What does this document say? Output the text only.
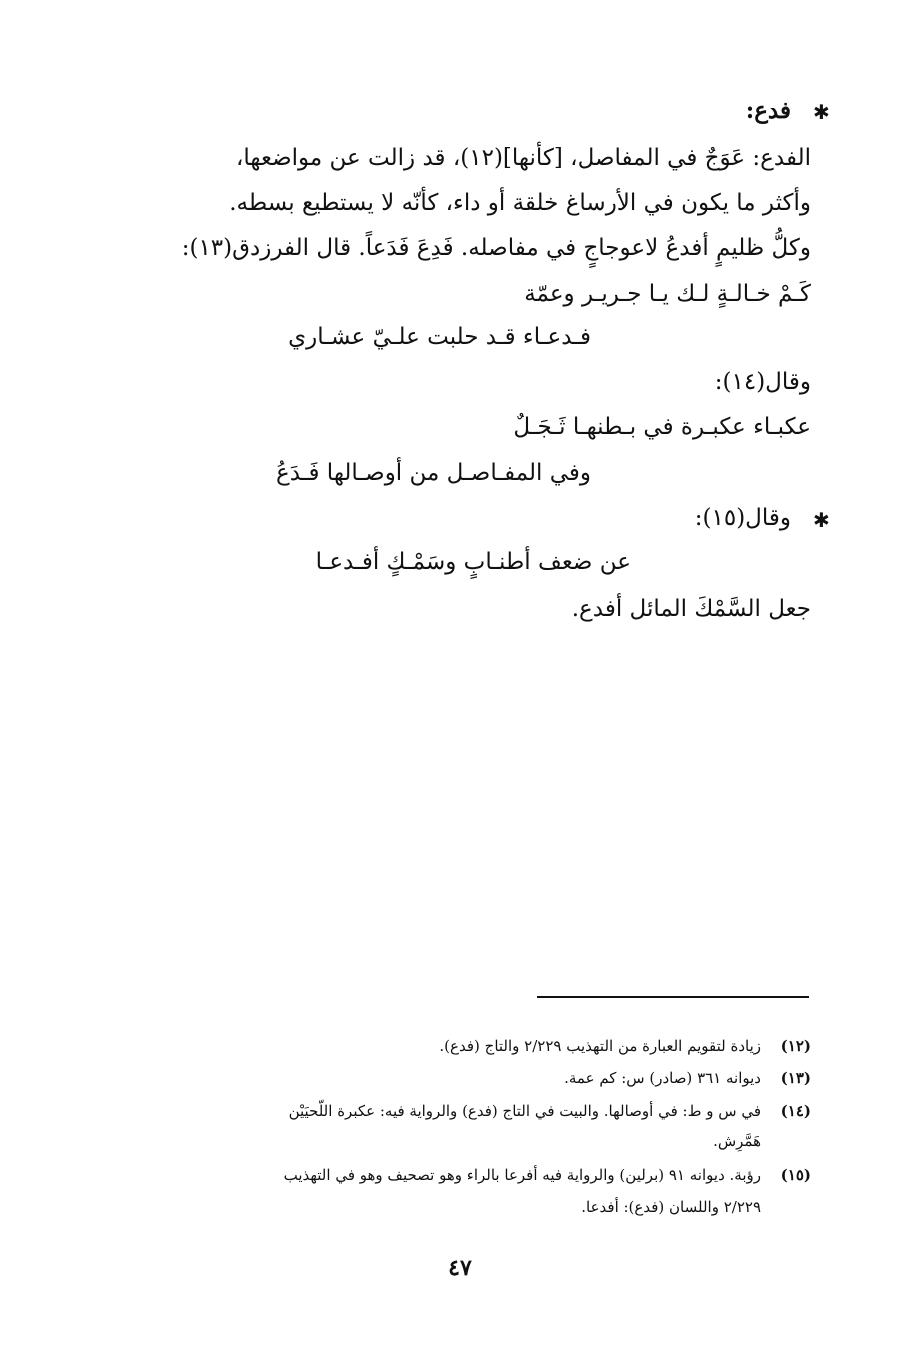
✱
فدع:
الفدع: عَوَجٌ في المفاصل، [كأنها](١٢)، قد زالت عن مواضعها،
وأكثر ما يكون في الأرساغ خلقة أو داء، كأنّه لا يستطيع بسطه.
وكلُّ ظليمٍ أفدعُ لاعوجاجٍ في مفاصله. فَدِعَ فَدَعاً. قال الفرزدق(١٣):
كَـمْ خـالـةٍ لـك يـا جـريـر وعمّة
فـدعـاء قـد حلبت علـيّ عشـاري
وقال(١٤):
عكبـاء عكبـرة في بـطنهـا ثَـجَـلٌ
وفي المفـاصـل من أوصـالها فَـدَعُ
✱
وقال(١٥):
عن ضعف أطنـابٍ وسَمْـكٍ أفـدعـا
جعل السَّمْكَ المائل أفدع.
(١٢)
زيادة لتقويم العبارة من التهذيب ٢/٢٢٩ والتاج (فدع).
(١٣)
ديوانه ٣٦١ (صادر) س: كم عمة.
(١٤)
في س و ط: في أوصالها. والبيت في التاج (فدع) والرواية فيه: عكبرة اللّحيَيْن
هَمَّرِش.
(١٥)
رؤبة. ديوانه ٩١ (برلين) والرواية فيه أفرعا بالراء وهو تصحيف وهو في التهذيب
٢/٢٢٩ واللسان (فدع): أفدعا.
٤٧
